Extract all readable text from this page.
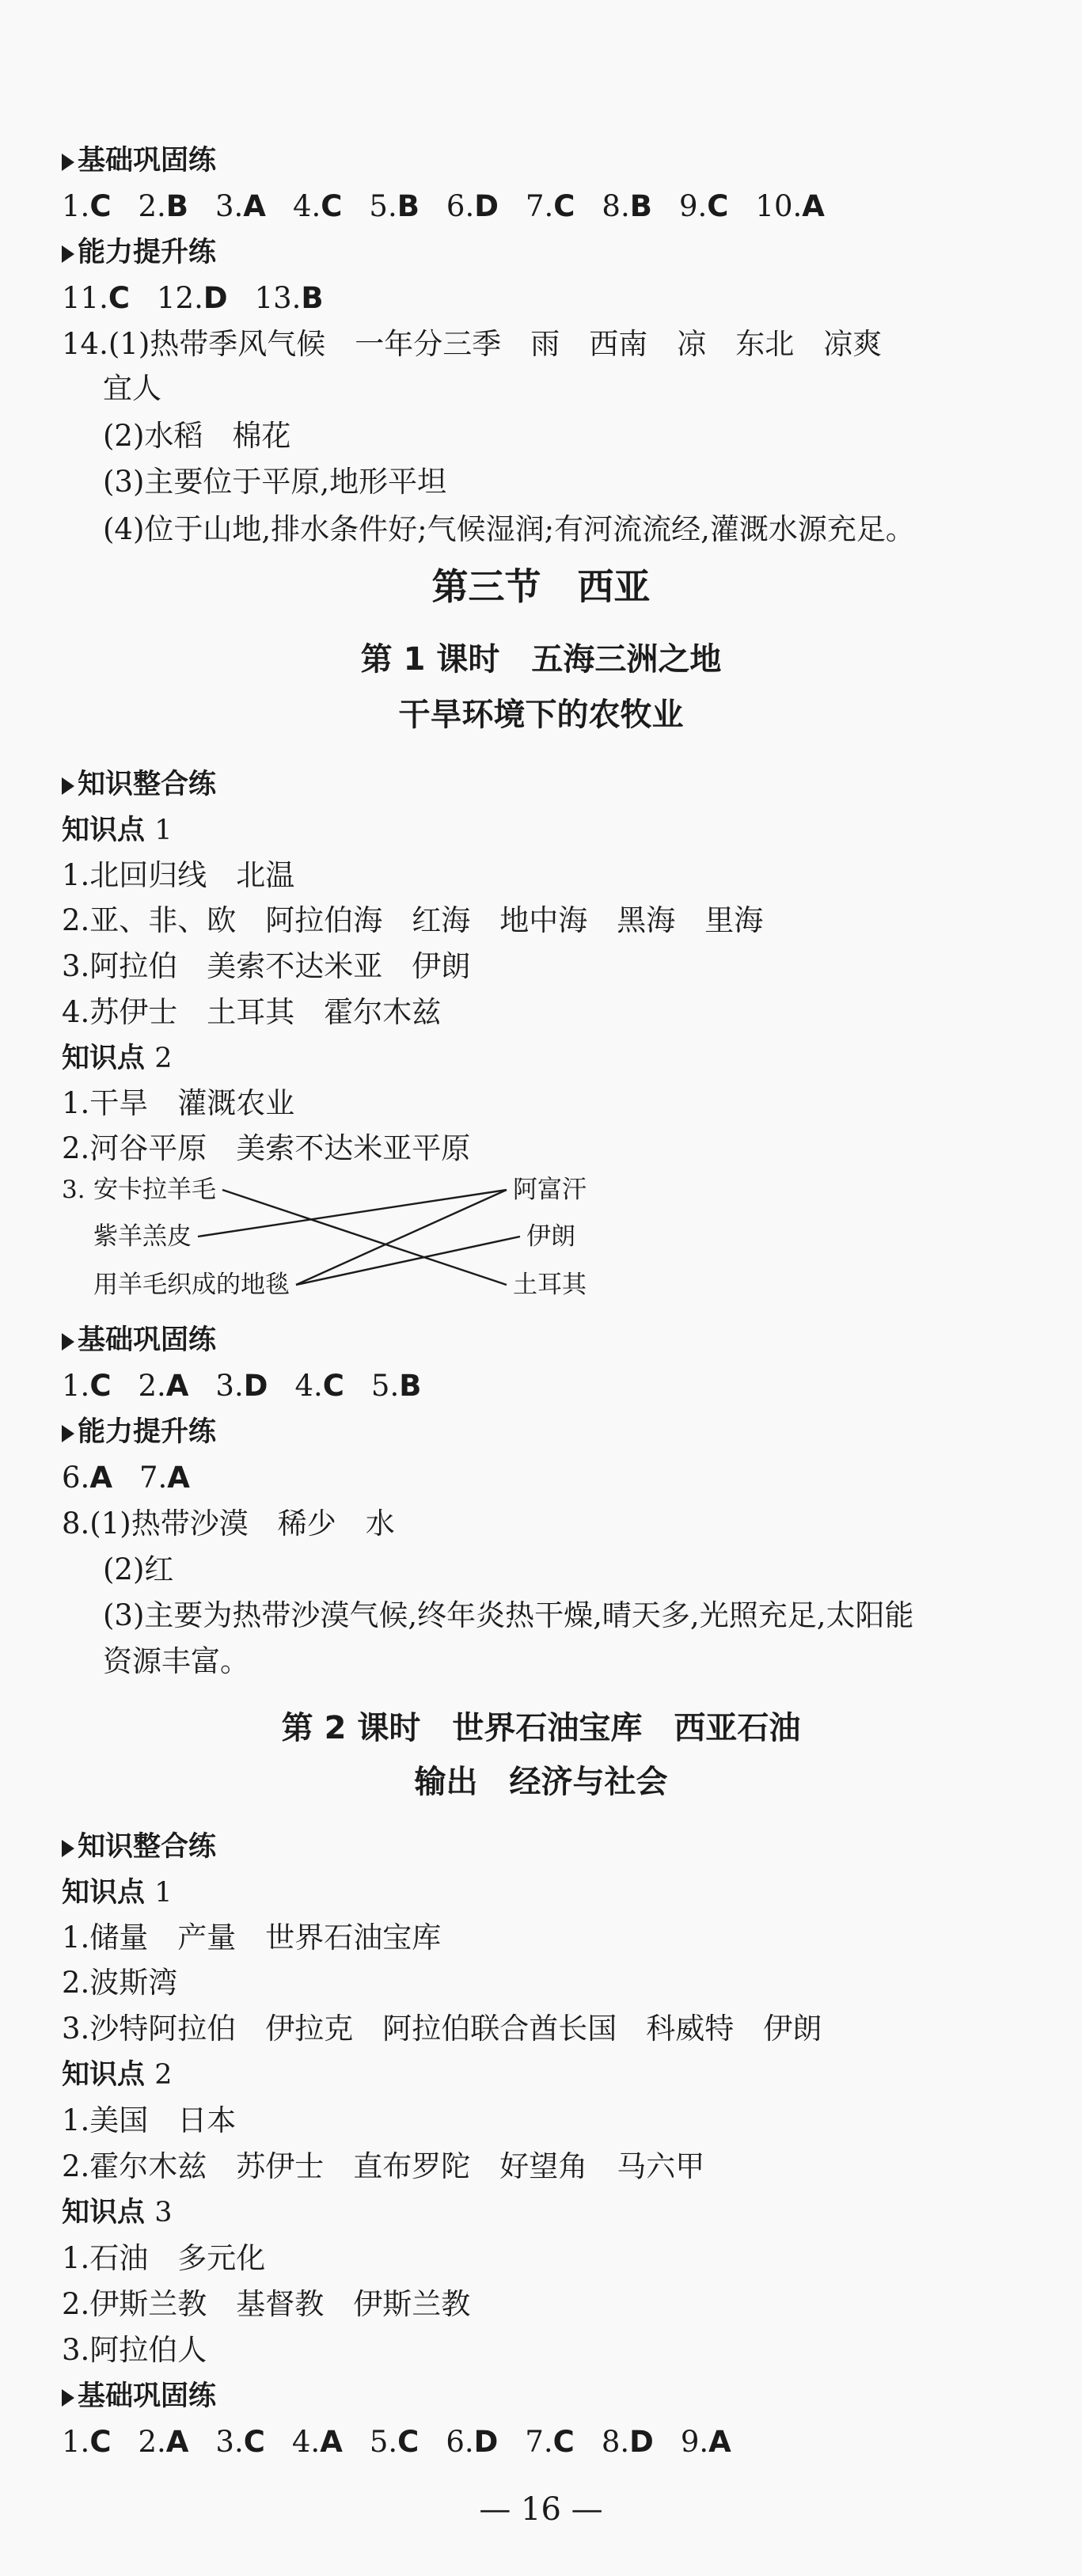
基础巩固练
1.C 2.B 3.A 4.C 5.B 6.D 7.C 8.B 9.C 10.A
能力提升练
11.C 12.D 13.B
14.(1)热带季风气候　一年分三季　雨　西南　凉　东北　凉爽
宜人
(2)水稻　棉花
(3)主要位于平原,地形平坦
(4)位于山地,排水条件好;气候湿润;有河流流经,灌溉水源充足。
第三节　西亚
第 1 课时　五海三洲之地
干旱环境下的农牧业
知识整合练
知识点 1
1.北回归线　北温
2.亚、非、欧　阿拉伯海　红海　地中海　黑海　里海
3.阿拉伯　美索不达米亚　伊朗
4.苏伊士　土耳其　霍尔木兹
知识点 2
1.干旱　灌溉农业
2.河谷平原　美索不达米亚平原
3. 安卡拉羊毛
紫羊羔皮
用羊毛织成的地毯
阿富汗
伊朗
土耳其
基础巩固练
1.C 2.A 3.D 4.C 5.B
能力提升练
6.A 7.A
8.(1)热带沙漠　稀少　水
(2)红
(3)主要为热带沙漠气候,终年炎热干燥,晴天多,光照充足,太阳能
资源丰富。
第 2 课时　世界石油宝库　西亚石油
输出　经济与社会
知识整合练
知识点 1
1.储量　产量　世界石油宝库
2.波斯湾
3.沙特阿拉伯　伊拉克　阿拉伯联合酋长国　科威特　伊朗
知识点 2
1.美国　日本
2.霍尔木兹　苏伊士　直布罗陀　好望角　马六甲
知识点 3
1.石油　多元化
2.伊斯兰教　基督教　伊斯兰教
3.阿拉伯人
基础巩固练
1.C 2.A 3.C 4.A 5.C 6.D 7.C 8.D 9.A
— 16 —
